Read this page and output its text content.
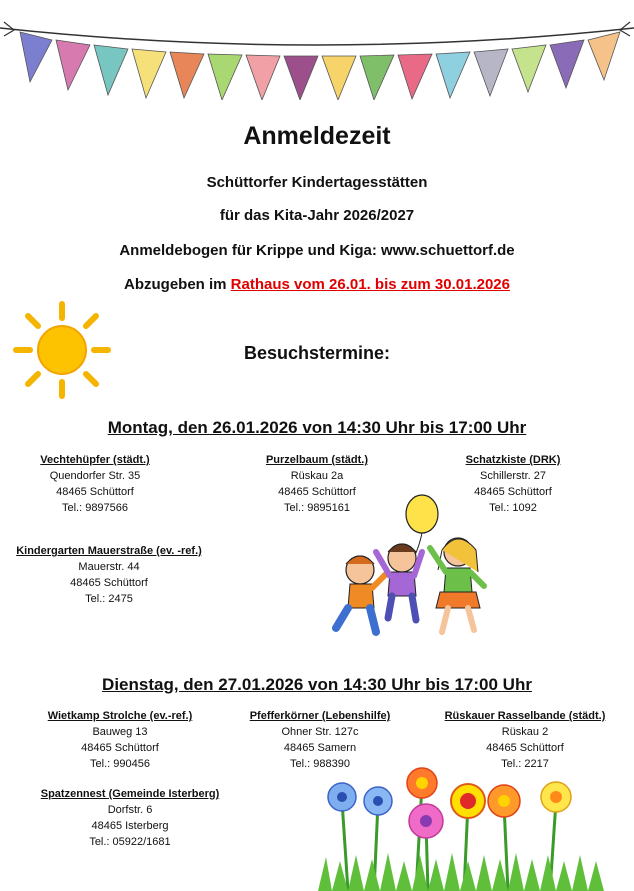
Anmeldezeit
Schüttorfer Kindertagesstätten
für das Kita-Jahr 2026/2027
Anmeldebogen für Krippe und Kiga: www.schuettorf.de
Abzugeben im Rathaus vom 26.01. bis zum 30.01.2026
Besuchstermine:
Montag, den 26.01.2026 von 14:30 Uhr bis 17:00 Uhr
Vechtehüpfer (städt.)
Quendorfer Str. 35
48465 Schüttorf
Tel.: 9897566
Purzelbaum (städt.)
Rüskau 2a
48465 Schüttorf
Tel.: 9895161
Schatzkiste (DRK)
Schillerstr. 27
48465 Schüttorf
Tel.: 1092
Kindergarten Mauerstraße (ev. -ref.)
Mauerstr. 44
48465 Schüttorf
Tel.: 2475
Dienstag, den 27.01.2026 von 14:30 Uhr bis 17:00 Uhr
Wietkamp Strolche (ev.-ref.)
Bauweg 13
48465 Schüttorf
Tel.: 990456
Pfefferkörner (Lebenshilfe)
Ohner Str. 127c
48465 Samern
Tel.: 988390
Rüskauer Rasselbande (städt.)
Rüskau 2
48465 Schüttorf
Tel.: 2217
Spatzennest (Gemeinde Isterberg)
Dorfstr. 6
48465 Isterberg
Tel.: 05922/1681
